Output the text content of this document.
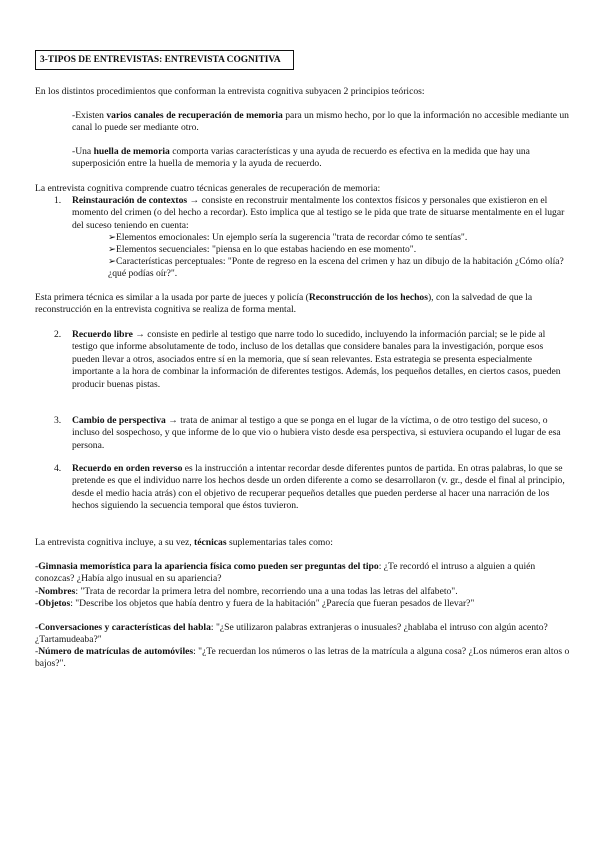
3-TIPOS DE ENTREVISTAS: ENTREVISTA COGNITIVA
En los distintos procedimientos que conforman la entrevista cognitiva subyacen 2 principios teóricos:
-Existen varios canales de recuperación de memoria para un mismo hecho, por lo que la información no accesible mediante un canal lo puede ser mediante otro.
-Una huella de memoria comporta varias características y una ayuda de recuerdo es efectiva en la medida que hay una superposición entre la huella de memoria y la ayuda de recuerdo.
La entrevista cognitiva comprende cuatro técnicas generales de recuperación de memoria:
1. Reinstauración de contextos → consiste en reconstruir mentalmente los contextos físicos y personales que existieron en el momento del crimen (o del hecho a recordar). Esto implica que al testigo se le pida que trate de situarse mentalmente en el lugar del suceso teniendo en cuenta:
➢Elementos emocionales: Un ejemplo sería la sugerencia "trata de recordar cómo te sentías".
➢Elementos secuenciales: "piensa en lo que estabas haciendo en ese momento".
➢Características perceptuales: "Ponte de regreso en la escena del crimen y haz un dibujo de la habitación ¿Cómo olía? ¿qué podías oír?".
Esta primera técnica es similar a la usada por parte de jueces y policía (Reconstrucción de los hechos), con la salvedad de que la reconstrucción en la entrevista cognitiva se realiza de forma mental.
2. Recuerdo libre → consiste en pedirle al testigo que narre todo lo sucedido, incluyendo la información parcial; se le pide al testigo que informe absolutamente de todo, incluso de los detallas que considere banales para la investigación, porque esos pueden llevar a otros, asociados entre sí en la memoria, que sí sean relevantes. Esta estrategia se presenta especialmente importante a la hora de combinar la información de diferentes testigos. Además, los pequeños detalles, en ciertos casos, pueden producir buenas pistas.
3. Cambio de perspectiva → trata de animar al testigo a que se ponga en el lugar de la víctima, o de otro testigo del suceso, o incluso del sospechoso, y que informe de lo que vio o hubiera visto desde esa perspectiva, si estuviera ocupando el lugar de esa persona.
4. Recuerdo en orden reverso es la instrucción a intentar recordar desde diferentes puntos de partida. En otras palabras, lo que se pretende es que el individuo narre los hechos desde un orden diferente a como se desarrollaron (v. gr., desde el final al principio, desde el medio hacia atrás) con el objetivo de recuperar pequeños detalles que pueden perderse al hacer una narración de los hechos siguiendo la secuencia temporal que éstos tuvieron.
La entrevista cognitiva incluye, a su vez, técnicas suplementarias tales como:
-Gimnasia memorística para la apariencia física como pueden ser preguntas del tipo: ¿Te recordó el intruso a alguien a quién conozcas? ¿Había algo inusual en su apariencia?
-Nombres: "Trata de recordar la primera letra del nombre, recorriendo una a una todas las letras del alfabeto".
-Objetos: "Describe los objetos que había dentro y fuera de la habitación" ¿Parecía que fueran pesados de llevar?"
-Conversaciones y características del habla: "¿Se utilizaron palabras extranjeras o inusuales? ¿hablaba el intruso con algún acento? ¿Tartamudeaba?"
-Número de matrículas de automóviles: "¿Te recuerdan los números o las letras de la matrícula a alguna cosa? ¿Los números eran altos o bajos?".
